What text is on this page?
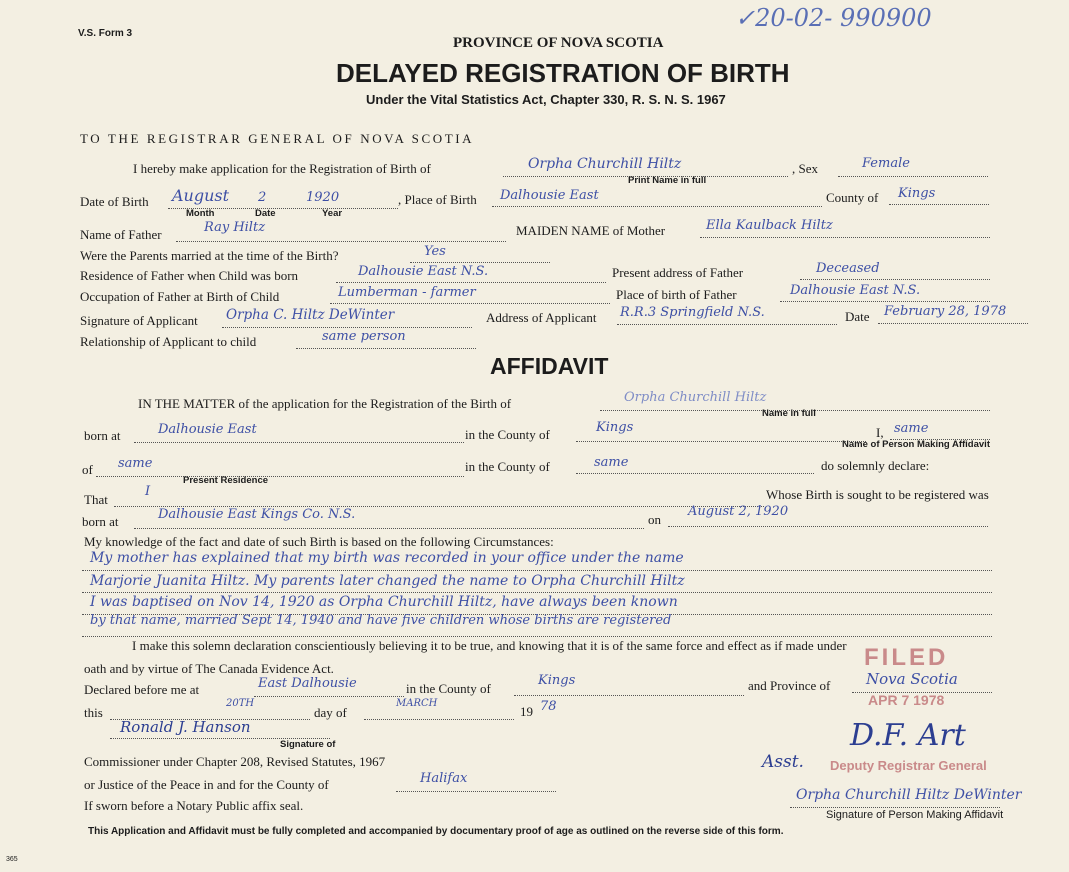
V.S. Form 3
✓20-02- 990900
PROVINCE OF NOVA SCOTIA
DELAYED REGISTRATION OF BIRTH
Under the Vital Statistics Act, Chapter 330, R. S. N. S. 1967
TO THE REGISTRAR GENERAL OF NOVA SCOTIA
I hereby make application for the Registration of Birth of	Orpha Churchill Hiltz	, Sex	Female
Print Name in full
Date of Birth August 2	1920	, Place of Birth Dalhousie East	County of Kings
Month	Date	Year
Name of Father	Ray Hiltz	MAIDEN NAME of Mother	Ella Kaulback Hiltz
Were the Parents married at the time of the Birth?	Yes
Residence of Father when Child was born	Dalhousie East N.S.	Present address of Father	Deceased
Occupation of Father at Birth of Child	Lumberman - farmer	Place of birth of Father	Dalhousie East N.S.
Signature of Applicant Orpha C. Hiltz DeWinter	Address of Applicant R.R.3 Springfield N.S.	Date February 28, 1978
Relationship of Applicant to child	same person
AFFIDAVIT
IN THE MATTER of the application for the Registration of the Birth of	Orpha Churchill Hiltz
Name in full
born at	Dalhousie East	in the County of	Kings	I, same
Name of Person Making Affidavit
of same	in the County of	same	do solemnly declare:
Present Residence
That
I	Whose Birth is sought to be registered was
born at	Dalhousie East Kings Co. N.S.	on
August 2, 1920
My knowledge of the fact and date of such Birth is based on the following Circumstances:
My mother has explained that my birth was recorded in your office under the name
Marjorie Juanita Hiltz. My parents later changed the name to Orpha Churchill Hiltz
I was baptised on Nov 14, 1920 as Orpha Churchill Hiltz, have always been known
by that name, married Sept 14, 1940 and have five children whose births are registered
I make this solemn declaration conscientiously believing it to be true, and knowing that it is of the same force and effect as if made under
oath and by virtue of The Canada Evidence Act.
Declared before me at	East Dalhousie	in the County of
Kings	and Province of Nova Scotia
this
20TH
day of
MARCH
19 78
Ronald J. Hanson
Signature of
Commissioner under Chapter 208, Revised Statutes, 1967
or Justice of the Peace in and for the County of	Halifax
If sworn before a Notary Public affix seal.
FILED
APR 7 1978
Asst.
D.F. Art
Deputy Registrar General
Orpha Churchill Hiltz DeWinter
Signature of Person Making Affidavit
This Application and Affidavit must be fully completed and accompanied by documentary proof of age as outlined on the reverse side of this form.
365
